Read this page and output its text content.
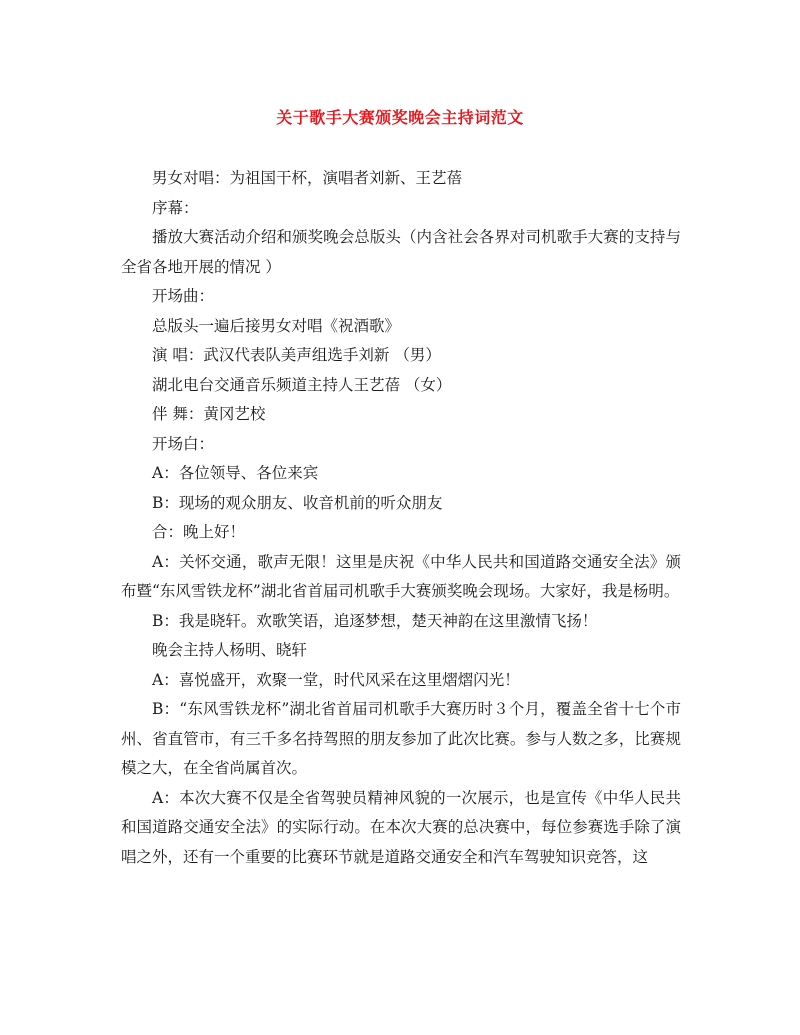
关于歌手大赛颁奖晚会主持词范文

男女对唱：为祖国干杯，演唱者刘新、王艺蓓

序幕：

播放大赛活动介绍和颁奖晚会总版头（内含社会各界对司机歌手大赛的支持与全省各地开展的情况 ）

开场曲：

总版头一遍后接男女对唱《祝酒歌》

演 唱：武汉代表队美声组选手刘新 （男）

湖北电台交通音乐频道主持人王艺蓓 （女）

伴 舞：黄冈艺校

开场白：

A：各位领导、各位来宾

B：现场的观众朋友、收音机前的听众朋友

合：晚上好！

A：关怀交通，歌声无限！这里是庆祝《中华人民共和国道路交通安全法》颁布暨“东风雪铁龙杯”湖北省首届司机歌手大赛颁奖晚会现场。大家好，我是杨明。

B：我是晓轩。欢歌笑语，追逐梦想，楚天神韵在这里激情飞扬！

晚会主持人杨明、晓轩

A：喜悦盛开，欢聚一堂，时代风采在这里熠熠闪光！

B：“东风雪铁龙杯”湖北省首届司机歌手大赛历时３个月，覆盖全省十七个市州、省直管市，有三千多名持驾照的朋友参加了此次比赛。参与人数之多，比赛规模之大，在全省尚属首次。

A：本次大赛不仅是全省驾驶员精神风貌的一次展示，也是宣传《中华人民共和国道路交通安全法》的实际行动。在本次大赛的总决赛中，每位参赛选手除了演唱之外，还有一个重要的比赛环节就是道路交通安全和汽车驾驶知识竞答，这
